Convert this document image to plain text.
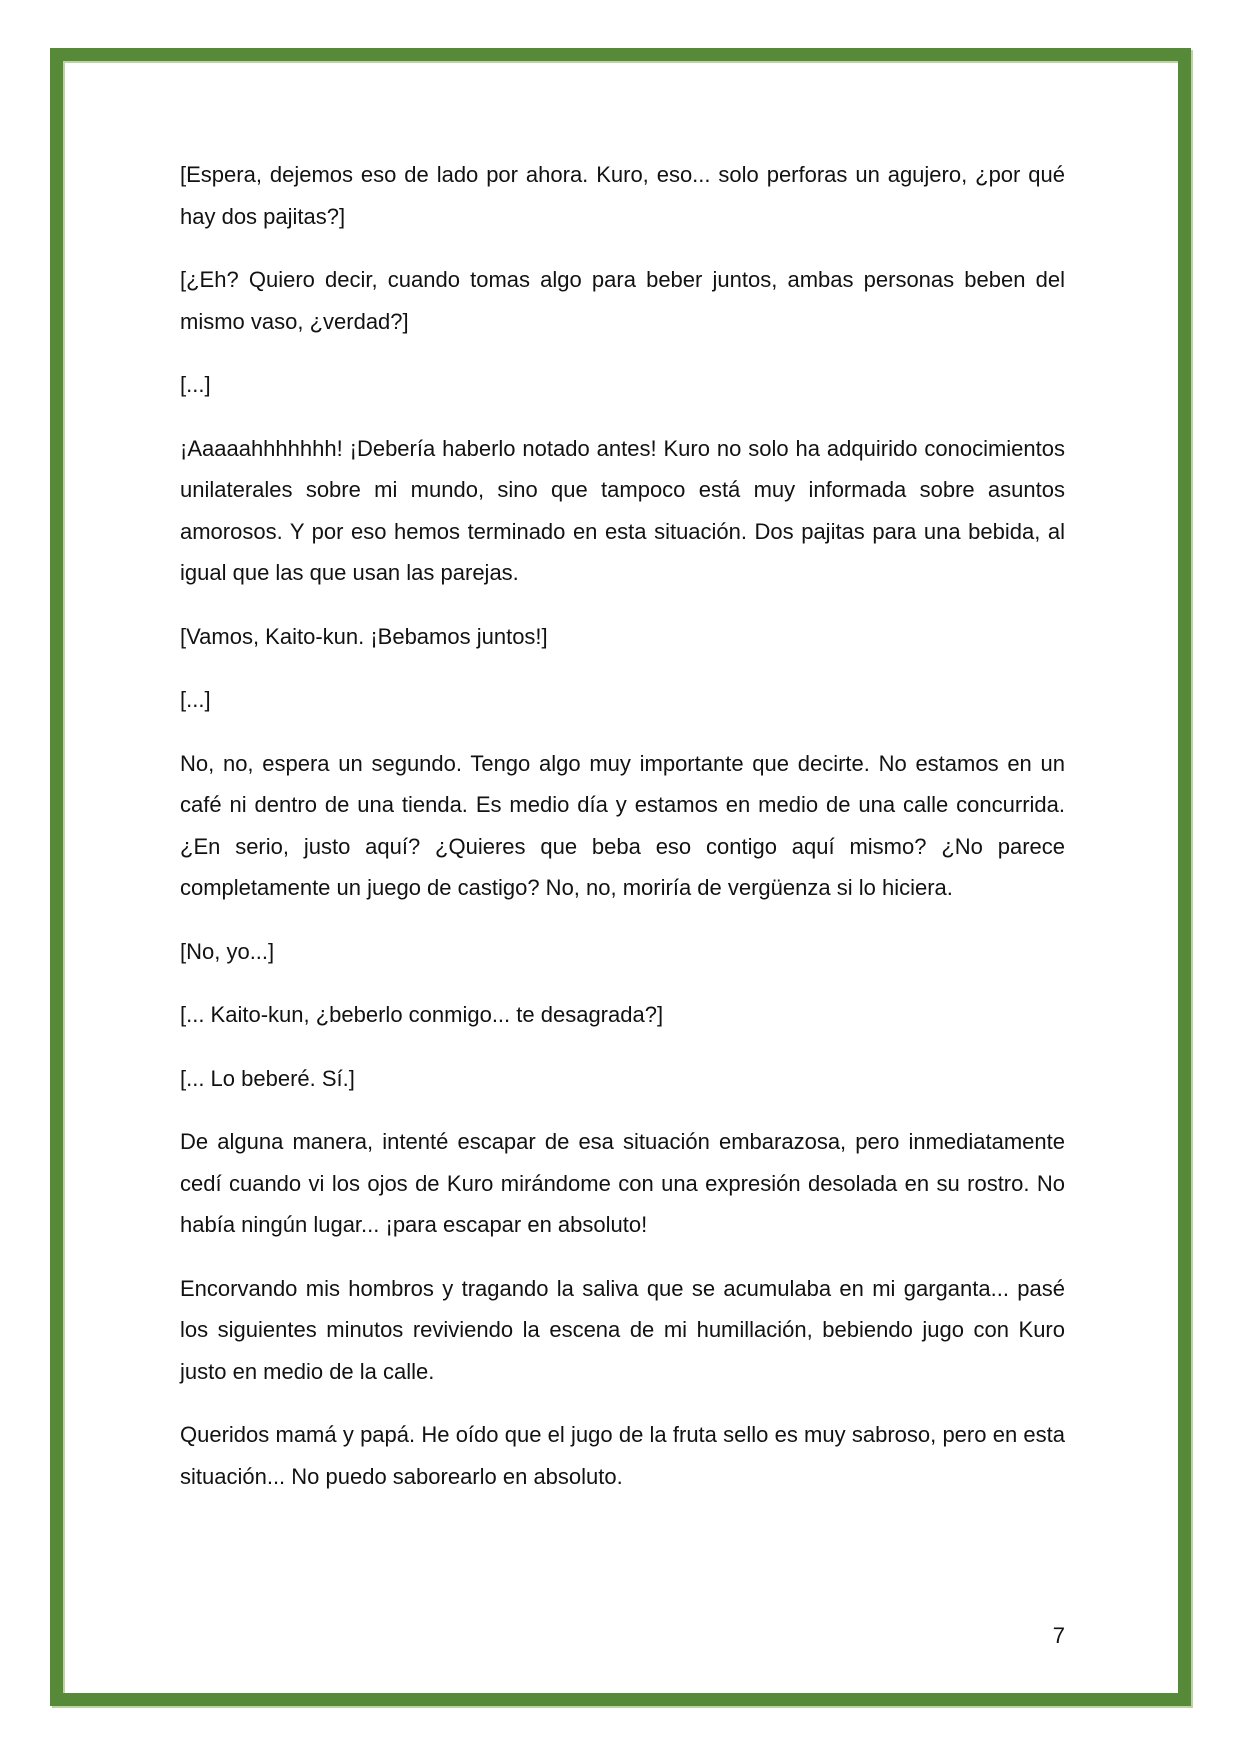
[Espera, dejemos eso de lado por ahora. Kuro, eso... solo perforas un agujero, ¿por qué hay dos pajitas?]

[¿Eh? Quiero decir, cuando tomas algo para beber juntos, ambas personas beben del mismo vaso, ¿verdad?]

[...]

¡Aaaaahhhhhhh! ¡Debería haberlo notado antes! Kuro no solo ha adquirido conocimientos unilaterales sobre mi mundo, sino que tampoco está muy informada sobre asuntos amorosos. Y por eso hemos terminado en esta situación. Dos pajitas para una bebida, al igual que las que usan las parejas.

[Vamos, Kaito-kun. ¡Bebamos juntos!]

[...]

No, no, espera un segundo. Tengo algo muy importante que decirte. No estamos en un café ni dentro de una tienda. Es medio día y estamos en medio de una calle concurrida. ¿En serio, justo aquí? ¿Quieres que beba eso contigo aquí mismo? ¿No parece completamente un juego de castigo? No, no, moriría de vergüenza si lo hiciera.

[No, yo...]

[... Kaito-kun, ¿beberlo conmigo... te desagrada?]

[... Lo beberé. Sí.]

De alguna manera, intenté escapar de esa situación embarazosa, pero inmediatamente cedí cuando vi los ojos de Kuro mirándome con una expresión desolada en su rostro. No había ningún lugar... ¡para escapar en absoluto!

Encorvando mis hombros y tragando la saliva que se acumulaba en mi garganta... pasé los siguientes minutos reviviendo la escena de mi humillación, bebiendo jugo con Kuro justo en medio de la calle.

Queridos mamá y papá. He oído que el jugo de la fruta sello es muy sabroso, pero en esta situación... No puedo saborearlo en absoluto.

7
